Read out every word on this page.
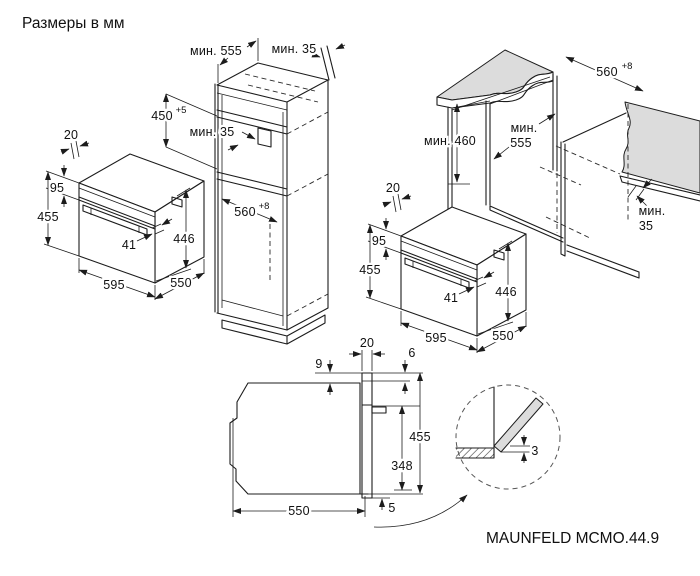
мин. 555 мин. 35
450 +5
мин. 35
560 +8
560 +8
мин. 460
мин.
555
мин.
35
9
20
6
455
348
5
550
3
Размеры в мм
MAUNFELD MCMO.44.9
